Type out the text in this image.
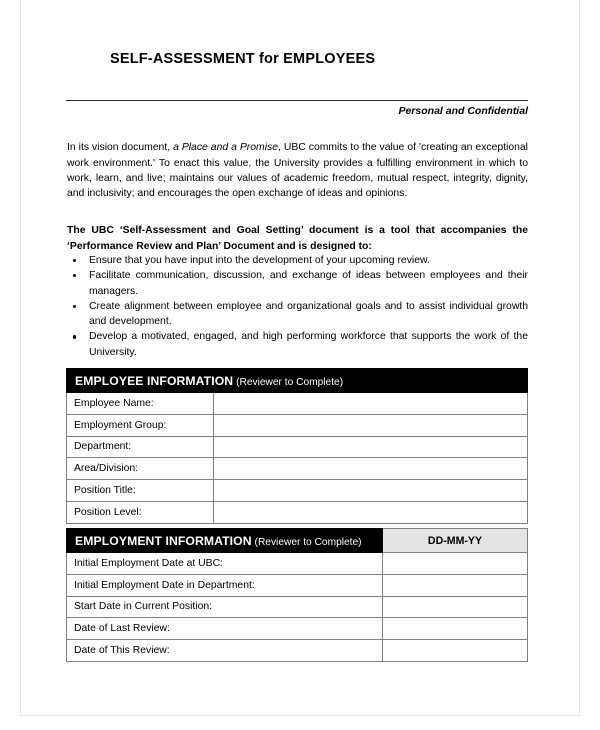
SELF-ASSESSMENT for EMPLOYEES
Personal and Confidential

In its vision document, a Place and a Promise, UBC commits to the value of 'creating an exceptional work environment.' To enact this value, the University provides a fulfilling environment in which to work, learn, and live; maintains our values of academic freedom, mutual respect, integrity, dignity, and inclusivity; and encourages the open exchange of ideas and opinions.

The UBC ‘Self-Assessment and Goal Setting’ document is a tool that accompanies the ‘Performance Review and Plan’ Document and is designed to:

Ensure that you have input into the development of your upcoming review.
Facilitate communication, discussion, and exchange of ideas between employees and their managers.
Create alignment between employee and organizational goals and to assist individual growth and development.
Develop a motivated, engaged, and high performing workforce that supports the work of the University.
EMPLOYEE INFORMATION (Reviewer to Complete)	
Employee Name:	
Employment Group:	
Department:	
Area/Division:	
Position Title:	
Position Level:	
EMPLOYMENT INFORMATION (Reviewer to Complete)	DD-MM-YY
Initial Employment Date at UBC:	
Initial Employment Date in Department:	
Start Date in Current Position:	
Date of Last Review:	
Date of This Review:	
